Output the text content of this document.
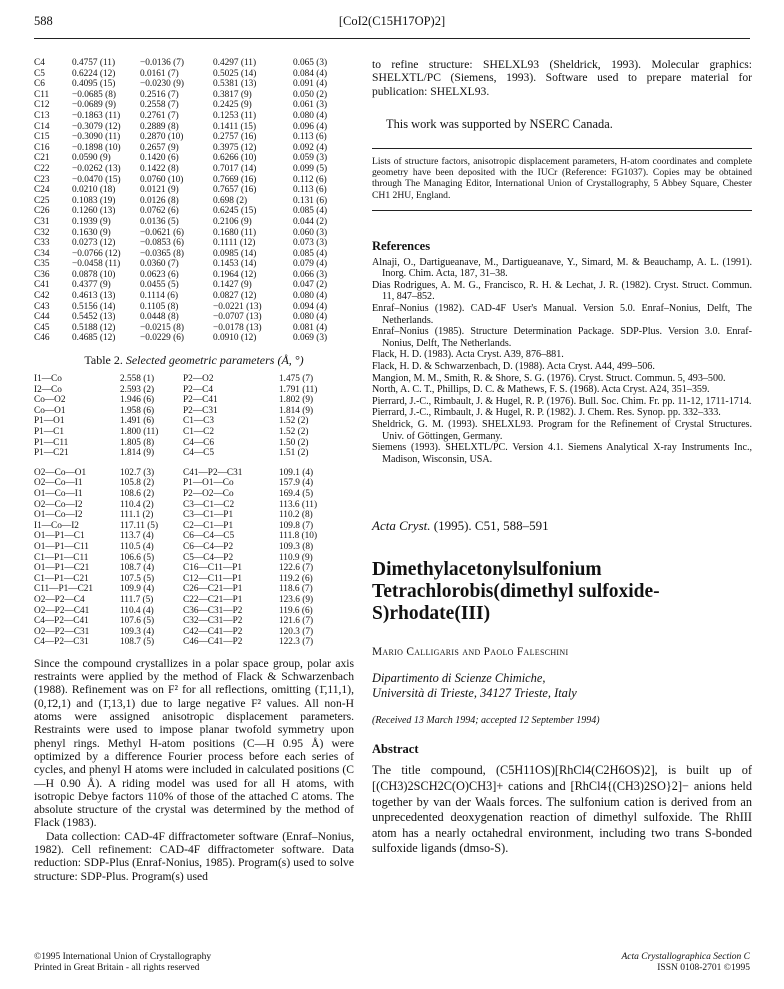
588	[CoI2(C15H17OP)2]
C4	0.4757 (11)	−0.0136 (7)	0.4297 (11)	0.065 (3)
C5	0.6224 (12)	0.0161 (7)	0.5025 (14)	0.084 (4)
C6	0.4095 (15)	−0.0230 (9)	0.5381 (13)	0.091 (4)
C11	−0.0685 (8)	0.2516 (7)	0.3817 (9)	0.050 (2)
C12	−0.0689 (9)	0.2558 (7)	0.2425 (9)	0.061 (3)
C13	−0.1863 (11)	0.2761 (7)	0.1253 (11)	0.080 (4)
C14	−0.3079 (12)	0.2889 (8)	0.1411 (15)	0.096 (4)
C15	−0.3090 (11)	0.2870 (10)	0.2757 (16)	0.113 (6)
C16	−0.1898 (10)	0.2657 (9)	0.3975 (12)	0.092 (4)
C21	0.0590 (9)	0.1420 (6)	0.6266 (10)	0.059 (3)
C22	−0.0262 (13)	0.1422 (8)	0.7017 (14)	0.099 (5)
C23	−0.0470 (15)	0.0760 (10)	0.7669 (16)	0.112 (6)
C24	0.0210 (18)	0.0121 (9)	0.7657 (16)	0.113 (6)
C25	0.1083 (19)	0.0126 (8)	0.698 (2)	0.131 (6)
C26	0.1260 (13)	0.0762 (6)	0.6245 (15)	0.085 (4)
C31	0.1939 (9)	0.0136 (5)	0.2106 (9)	0.044 (2)
C32	0.1630 (9)	−0.0621 (6)	0.1680 (11)	0.060 (3)
C33	0.0273 (12)	−0.0853 (6)	0.1111 (12)	0.073 (3)
C34	−0.0766 (12)	−0.0365 (8)	0.0985 (14)	0.085 (4)
C35	−0.0458 (11)	0.0360 (7)	0.1453 (14)	0.079 (4)
C36	0.0878 (10)	0.0623 (6)	0.1964 (12)	0.066 (3)
C41	0.4377 (9)	0.0455 (5)	0.1427 (9)	0.047 (2)
C42	0.4613 (13)	0.1114 (6)	0.0827 (12)	0.080 (4)
C43	0.5156 (14)	0.1105 (8)	−0.0221 (13)	0.094 (4)
C44	0.5452 (13)	0.0448 (8)	−0.0707 (13)	0.080 (4)
C45	0.5188 (12)	−0.0215 (8)	−0.0178 (13)	0.081 (4)
C46	0.4685 (12)	−0.0229 (6)	0.0910 (12)	0.069 (3)
Table 2. Selected geometric parameters (Å, °)
I1—Co	2.558 (1)	P2—O2	1.475 (7)
I2—Co	2.593 (2)	P2—C4	1.791 (11)
Co—O2	1.946 (6)	P2—C41	1.802 (9)
Co—O1	1.958 (6)	P2—C31	1.814 (9)
P1—O1	1.491 (6)	C1—C3	1.52 (2)
P1—C1	1.800 (11)	C1—C2	1.52 (2)
P1—C11	1.805 (8)	C4—C6	1.50 (2)
P1—C21	1.814 (9)	C4—C5	1.51 (2)

O2—Co—O1	102.7 (3)	C41—P2—C31	109.1 (4)
O2—Co—I1	105.8 (2)	P1—O1—Co	157.9 (4)
O1—Co—I1	108.6 (2)	P2—O2—Co	169.4 (5)
O2—Co—I2	110.4 (2)	C3—C1—C2	113.6 (11)
O1—Co—I2	111.1 (2)	C3—C1—P1	110.2 (8)
I1—Co—I2	117.11 (5)	C2—C1—P1	109.8 (7)
O1—P1—C1	113.7 (4)	C6—C4—C5	111.8 (10)
O1—P1—C11	110.5 (4)	C6—C4—P2	109.3 (8)
C1—P1—C11	106.6 (5)	C5—C4—P2	110.9 (9)
O1—P1—C21	108.7 (4)	C16—C11—P1	122.6 (7)
C1—P1—C21	107.5 (5)	C12—C11—P1	119.2 (6)
C11—P1—C21	109.9 (4)	C26—C21—P1	118.6 (7)
O2—P2—C4	111.7 (5)	C22—C21—P1	123.6 (9)
O2—P2—C41	110.4 (4)	C36—C31—P2	119.6 (6)
C4—P2—C41	107.6 (5)	C32—C31—P2	121.6 (7)
O2—P2—C31	109.3 (4)	C42—C41—P2	120.3 (7)
C4—P2—C31	108.7 (5)	C46—C41—P2	122.3 (7)

Since the compound crystallizes in a polar space group, polar axis restraints were applied by the method of Flack & Schwarzenbach (1988). Refinement was on F² for all reflections, omitting (1̄,11,1), (0,1̄2,1) and (1̄,13,1) due to large negative F² values. All non-H atoms were assigned anisotropic displacement parameters. Restraints were used to impose planar twofold symmetry upon phenyl rings. Methyl H-atom positions (C—H 0.95 Å) were optimized by a difference Fourier process before each series of cycles, and phenyl H atoms were included in calculated positions (C—H 0.90 Å). A riding model was used for all H atoms, with isotropic Debye factors 110% of those of the attached C atoms. The absolute structure of the crystal was determined by the method of Flack (1983).

Data collection: CAD-4F diffractometer software (Enraf–Nonius, 1982). Cell refinement: CAD-4F diffractometer software. Data reduction: SDP-Plus (Enraf-Nonius, 1985). Program(s) used to solve structure: SDP-Plus. Program(s) used

©1995 International Union of Crystallography
Printed in Great Britain - all rights reserved
Acta Crystallographica Section C
ISSN 0108-2701 ©1995
to refine structure: SHELXL93 (Sheldrick, 1993). Molecular graphics: SHELXTL/PC (Siemens, 1993). Software used to prepare material for publication: SHELXL93.
This work was supported by NSERC Canada.
Lists of structure factors, anisotropic displacement parameters, H-atom coordinates and complete geometry have been deposited with the IUCr (Reference: FG1037). Copies may be obtained through The Managing Editor, International Union of Crystallography, 5 Abbey Square, Chester CH1 2HU, England.
References
Alnaji, O., Dartigueanave, M., Dartigueanave, Y., Simard, M. & Beauchamp, A. L. (1991). Inorg. Chim. Acta, 187, 31–38.
Dias Rodrigues, A. M. G., Francisco, R. H. & Lechat, J. R. (1982). Cryst. Struct. Commun. 11, 847–852.
Enraf–Nonius (1982). CAD-4F User's Manual. Version 5.0. Enraf–Nonius, Delft, The Netherlands.
Enraf–Nonius (1985). Structure Determination Package. SDP-Plus. Version 3.0. Enraf-Nonius, Delft, The Netherlands.
Flack, H. D. (1983). Acta Cryst. A39, 876–881.
Flack, H. D. & Schwarzenbach, D. (1988). Acta Cryst. A44, 499–506.
Mangion, M. M., Smith, R. & Shore, S. G. (1976). Cryst. Struct. Commun. 5, 493–500.
North, A. C. T., Phillips, D. C. & Mathews, F. S. (1968). Acta Cryst. A24, 351–359.
Pierrard, J.-C., Rimbault, J. & Hugel, R. P. (1976). Bull. Soc. Chim. Fr. pp. 11-12, 1711-1714.
Pierrard, J.-C., Rimbault, J. & Hugel, R. P. (1982). J. Chem. Res. Synop. pp. 332–333.
Sheldrick, G. M. (1993). SHELXL93. Program for the Refinement of Crystal Structures. Univ. of Göttingen, Germany.
Siemens (1993). SHELXTL/PC. Version 4.1. Siemens Analytical X-ray Instruments Inc., Madison, Wisconsin, USA.
Acta Cryst. (1995). C51, 588–591
Dimethylacetonylsulfonium Tetrachlorobis(dimethyl sulfoxide-S)rhodate(III)
Mario Calligaris and Paolo Faleschini
Dipartimento di Scienze Chimiche,
Università di Trieste, 34127 Trieste, Italy
(Received 13 March 1994; accepted 12 September 1994)
Abstract
The title compound, (C5H11OS)[RhCl4(C2H6OS)2], is built up of [(CH3)2SCH2C(O)CH3]+ cations and [RhCl4{(CH3)2SO}2]− anions held together by van der Waals forces. The sulfonium cation is derived from an unprecedented deoxygenation reaction of dimethyl sulfoxide. The RhIII atom has a nearly octahedral environment, including two trans S-bonded sulfoxide ligands (dmso-S).
